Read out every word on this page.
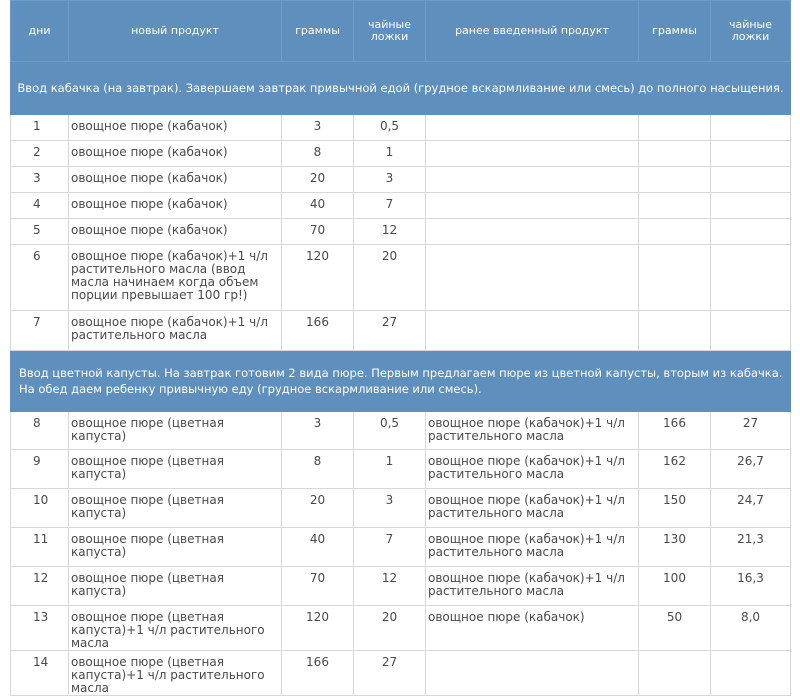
дни	новый продукт	граммы	чайные ложки	ранее введенный продукт	граммы	чайные ложки
Ввод кабачка (на завтрак). Завершаем завтрак привычной едой (грудное вскармливание или смесь) до полного насыщения.						
1	овощное пюре (кабачок)	3	0,5			
2	овощное пюре (кабачок)	8	1			
3	овощное пюре (кабачок)	20	3			
4	овощное пюре (кабачок)	40	7			
5	овощное пюре (кабачок)	70	12			
6	овощное пюре (кабачок)+1 ч/л растительного масла (ввод масла начинаем когда объем порции превышает 100 гр!)	120	20			
7	овощное пюре (кабачок)+1 ч/л растительного масла	166	27			
Ввод цветной капусты. На завтрак готовим 2 вида пюре. Первым предлагаем пюре из цветной капусты, вторым из кабачка. На обед даем ребенку привычную еду (грудное вскармливание или смесь).						
8	овощное пюре (цветная капуста)	3	0,5	овощное пюре (кабачок)+1 ч/л растительного масла	166	27
9	овощное пюре (цветная капуста)	8	1	овощное пюре (кабачок)+1 ч/л растительного масла	162	26,7
10	овощное пюре (цветная капуста)	20	3	овощное пюре (кабачок)+1 ч/л растительного масла	150	24,7
11	овощное пюре (цветная капуста)	40	7	овощное пюре (кабачок)+1 ч/л растительного масла	130	21,3
12	овощное пюре (цветная капуста)	70	12	овощное пюре (кабачок)+1 ч/л растительного масла	100	16,3
13	овощное пюре (цветная капуста)+1 ч/л растительного масла	120	20	овощное пюре (кабачок)	50	8,0
14	овощное пюре (цветная капуста)+1 ч/л растительного масла	166	27			
